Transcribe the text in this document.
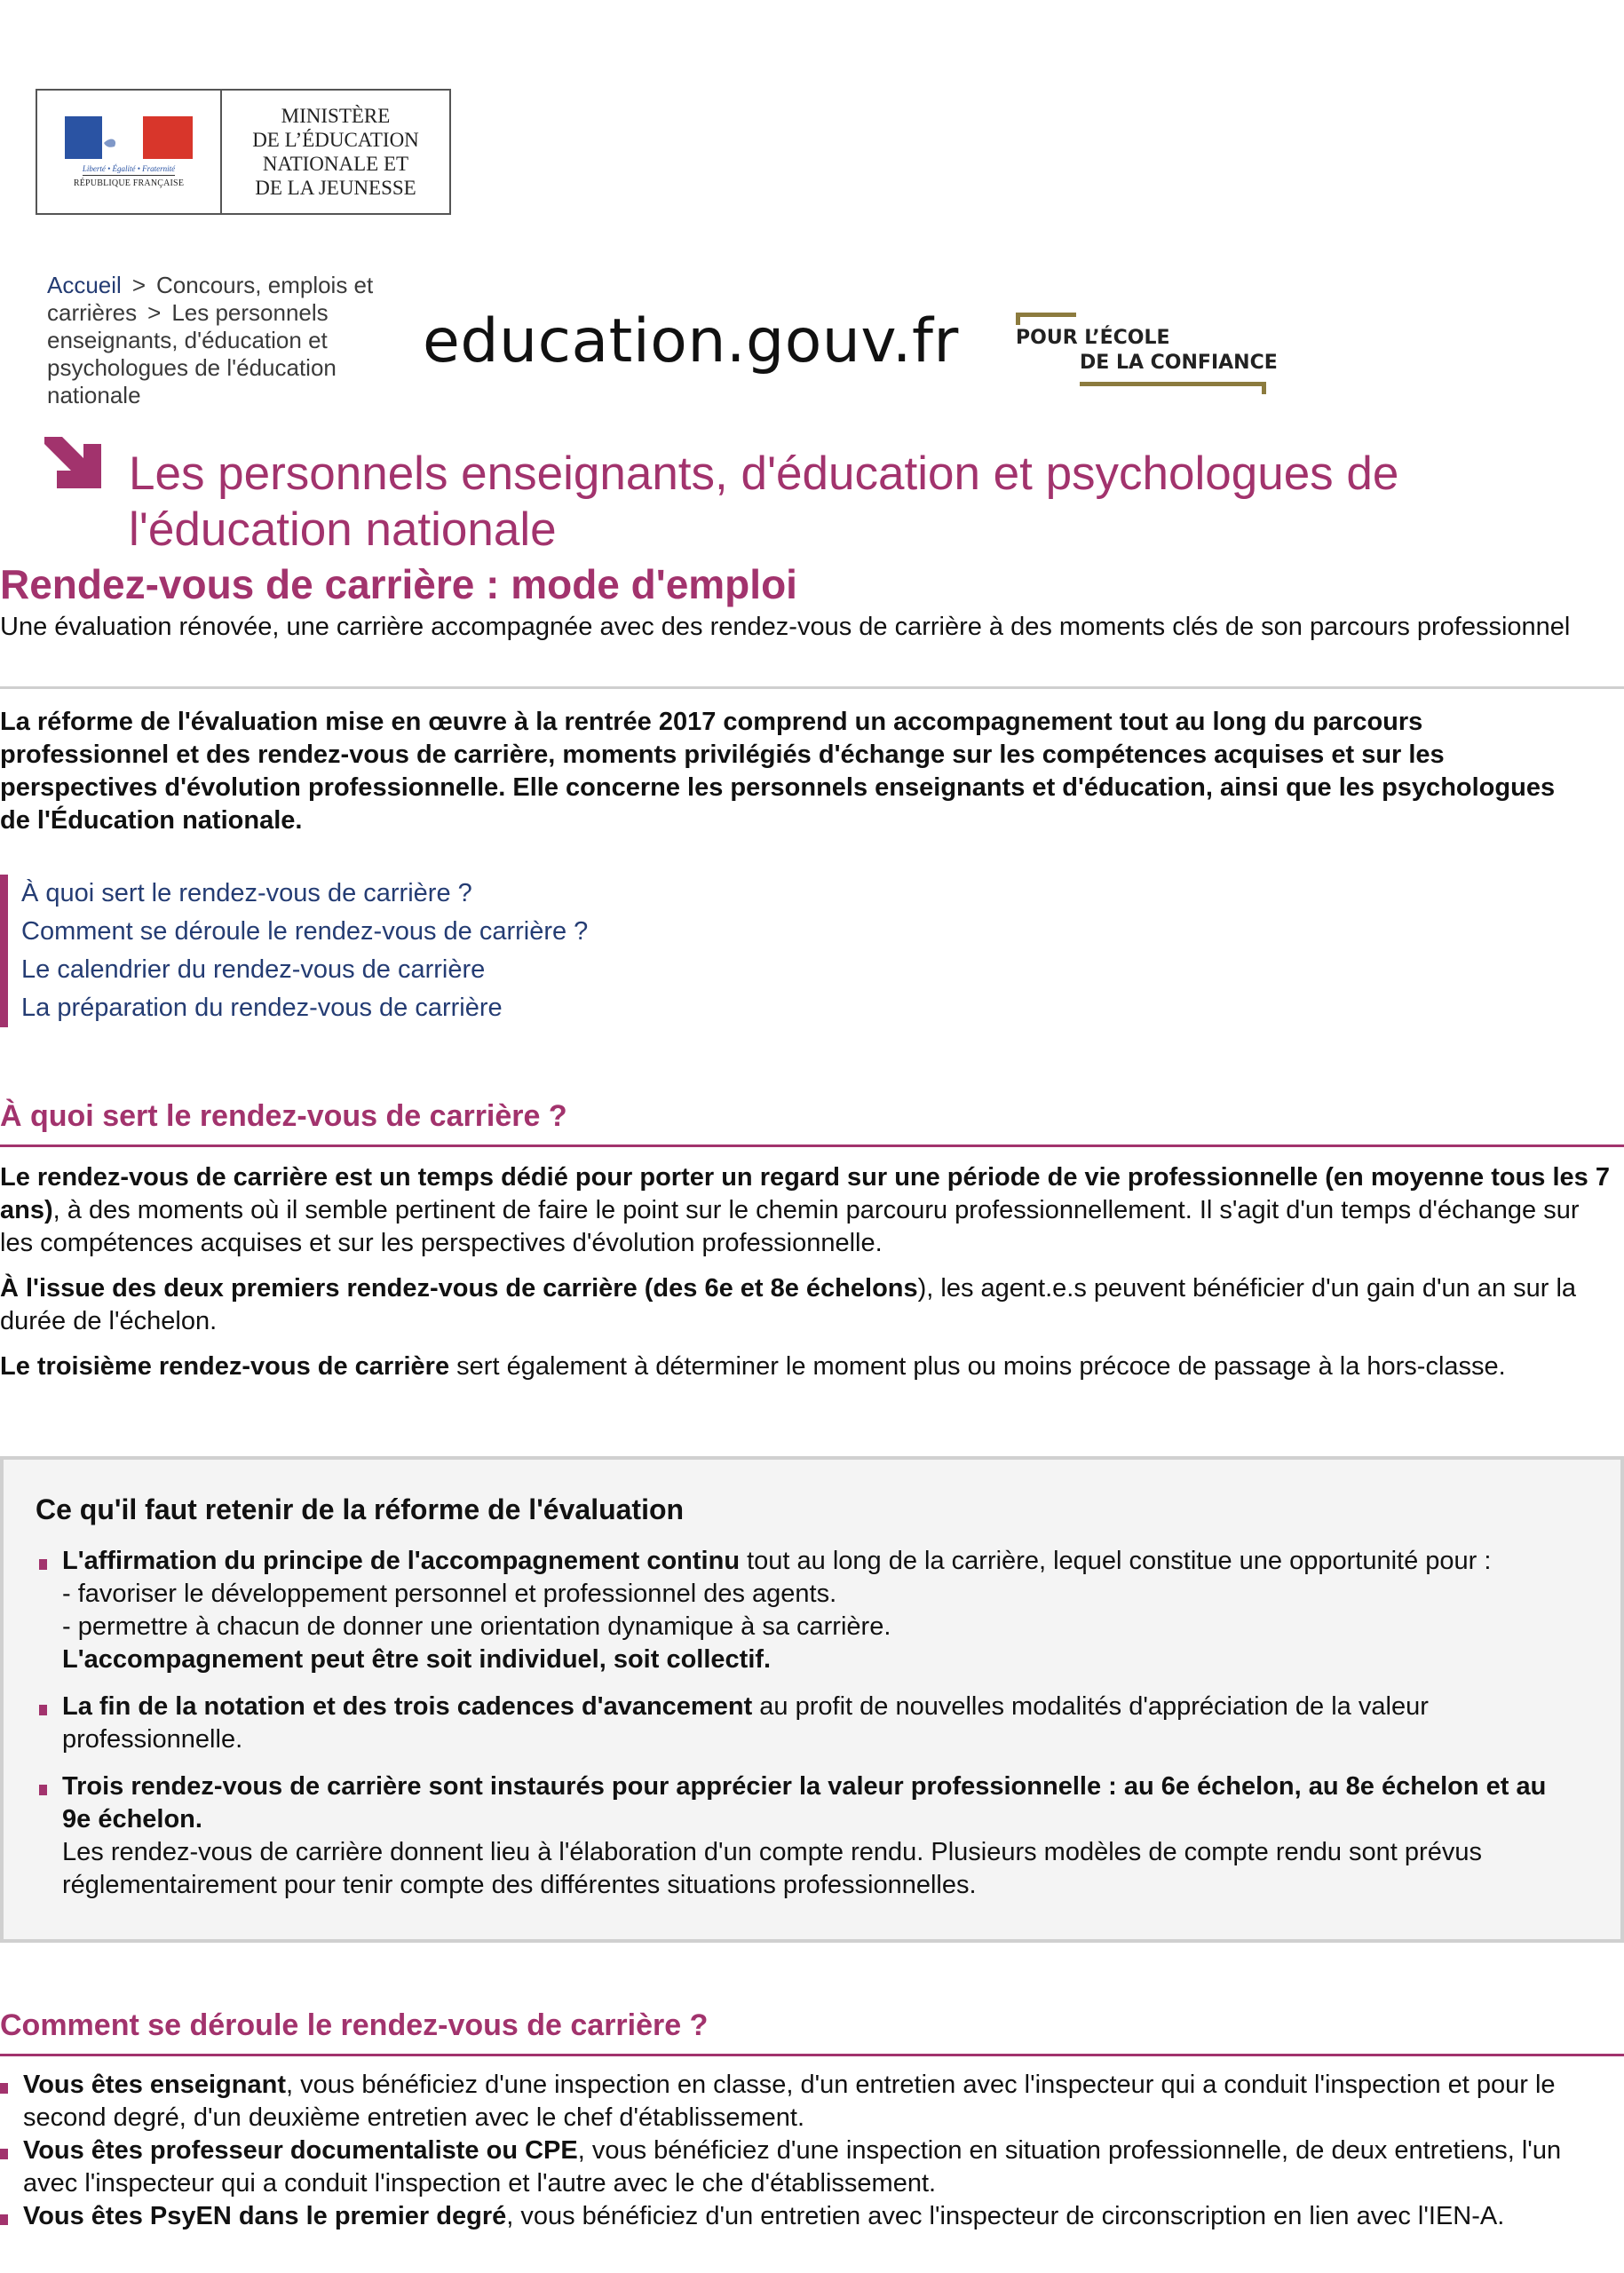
Liberté • Égalité • Fraternité
RÉPUBLIQUE FRANÇAISE
MINISTÈRE
DE L’ÉDUCATION
NATIONALE ET
DE LA JEUNESSE
Accueil > Concours, emplois et carrières > Les personnels enseignants, d'éducation et psychologues de l'éducation nationale
education.gouv.fr	POUR L’ÉCOLE
DE LA CONFIANCE
Les personnels enseignants, d'éducation et psychologues de l'éducation nationale
Rendez-vous de carrière : mode d'emploi
Une évaluation rénovée, une carrière accompagnée avec des rendez-vous de carrière à des moments clés de son parcours professionnel
La réforme de l'évaluation mise en œuvre à la rentrée 2017 comprend un accompagnement tout au long du parcours professionnel et des rendez-vous de carrière, moments privilégiés d'échange sur les compétences acquises et sur les perspectives d'évolution professionnelle. Elle concerne les personnels enseignants et d'éducation, ainsi que les psychologues de l'Éducation nationale.
À quoi sert le rendez-vous de carrière ?
Comment se déroule le rendez-vous de carrière ?
Le calendrier du rendez-vous de carrière
La préparation du rendez-vous de carrière
À quoi sert le rendez-vous de carrière ?

Le rendez-vous de carrière est un temps dédié pour porter un regard sur une période de vie professionnelle (en moyenne tous les 7 ans), à des moments où il semble pertinent de faire le point sur le chemin parcouru professionnellement. Il s'agit d'un temps d'échange sur les compétences acquises et sur les perspectives d'évolution professionnelle.

À l'issue des deux premiers rendez-vous de carrière (des 6e et 8e échelons), les agent.e.s peuvent bénéficier d'un gain d'un an sur la durée de l'échelon.

Le troisième rendez-vous de carrière sert également à déterminer le moment plus ou moins précoce de passage à la hors-classe.

Ce qu'il faut retenir de la réforme de l'évaluation
L'affirmation du principe de l'accompagnement continu tout au long de la carrière, lequel constitue une opportunité pour :
- favoriser le développement personnel et professionnel des agents.
- permettre à chacun de donner une orientation dynamique à sa carrière.
L'accompagnement peut être soit individuel, soit collectif.
La fin de la notation et des trois cadences d'avancement au profit de nouvelles modalités d'appréciation de la valeur professionnelle.
Trois rendez-vous de carrière sont instaurés pour apprécier la valeur professionnelle : au 6e échelon, au 8e échelon et au 9e échelon.
Les rendez-vous de carrière donnent lieu à l'élaboration d'un compte rendu. Plusieurs modèles de compte rendu sont prévus réglementairement pour tenir compte des différentes situations professionnelles.
Comment se déroule le rendez-vous de carrière ?
Vous êtes enseignant, vous bénéficiez d'une inspection en classe, d'un entretien avec l'inspecteur qui a conduit l'inspection et pour le second degré, d'un deuxième entretien avec le chef d'établissement.
Vous êtes professeur documentaliste ou CPE, vous bénéficiez d'une inspection en situation professionnelle, de deux entretiens, l'un avec l'inspecteur qui a conduit l'inspection et l'autre avec le che d'établissement.
Vous êtes PsyEN dans le premier degré, vous bénéficiez d'un entretien avec l'inspecteur de circonscription en lien avec l'IEN-A.
